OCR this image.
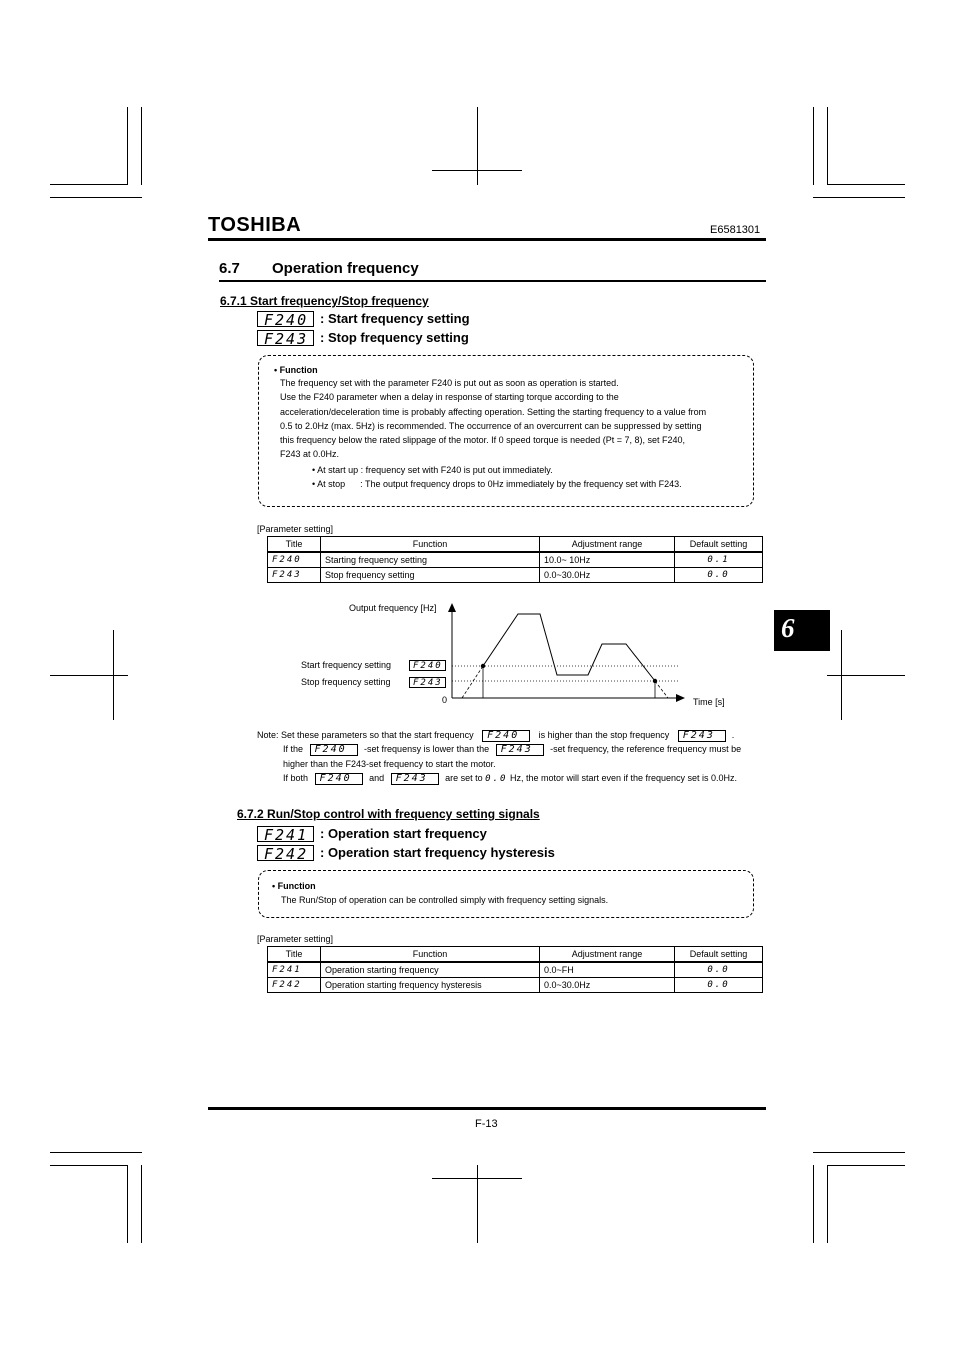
TOSHIBA	E6581301
6.7 Operation frequency
6
6.7.1 Start frequency/Stop frequency
F240 : Start frequency setting
F243 : Stop frequency setting
• Function
The frequency set with the parameter F240 is put out as soon as operation is started.
Use the F240 parameter when a delay in response of starting torque according to the
acceleration/deceleration time is probably affecting operation. Setting the starting frequency to a value from
0.5 to 2.0Hz (max. 5Hz) is recommended. The occurrence of an overcurrent can be suppressed by setting
this frequency below the rated slippage of the motor. If 0 speed torque is needed (Pt = 7, 8), set F240,
F243 at 0.0Hz.
• At start up : frequency set with F240 is put out immediately.
• At stop      : The output frequency drops to 0Hz immediately by the frequency set with F243.
[Parameter setting]
Title	Function	Adjustment range	Default setting
F240	Starting frequency setting	10.0~ 10Hz	0.1
F243	Stop frequency setting	0.0~30.0Hz	0.0
Output frequency [Hz]
Start frequency setting
Stop frequency setting
F240
F243
0	Time [s]
Note: Set these parameters so that the start frequency F240 is higher than the stop frequency F243 .
If the F240 -set frequensy is lower than the F243 -set frequency, the reference frequency must be
higher than the F243-set frequency to start the motor.
If both F240 and F243 are set to 0.0 Hz, the motor will start even if the frequency set is 0.0Hz.
6.7.2 Run/Stop control with frequency setting signals
F241 : Operation start frequency
F242 : Operation start frequency hysteresis
• Function
The Run/Stop of operation can be controlled simply with frequency setting signals.
[Parameter setting]
Title	Function	Adjustment range	Default setting
F241	Operation starting frequency	0.0~FH	0.0
F242	Operation starting frequency hysteresis	0.0~30.0Hz	0.0
F-13
